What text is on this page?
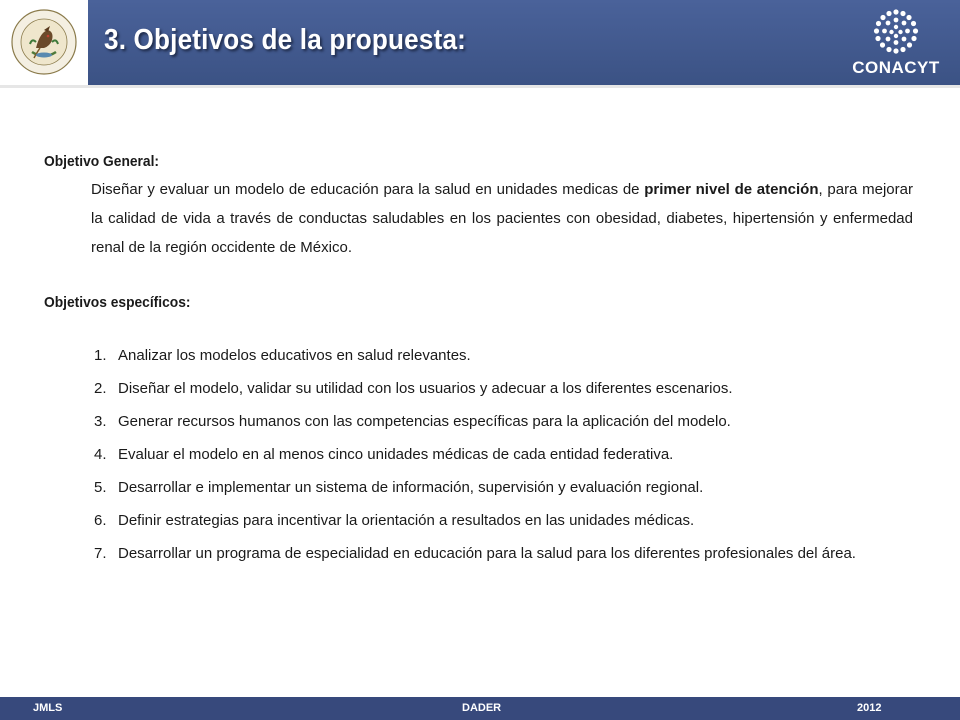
3. Objetivos de la propuesta:
CONACYT
Objetivo General:

Diseñar y evaluar un modelo de educación para la salud en unidades medicas de primer nivel de atención, para mejorar la calidad de vida a través de conductas saludables en los pacientes con obesidad, diabetes, hipertensión y enfermedad renal de la región occidente de México.

Objetivos específicos:
1. Analizar los modelos educativos en salud relevantes.
2. Diseñar el modelo, validar su utilidad con los usuarios y adecuar a los diferentes escenarios.
3. Generar recursos humanos con las competencias específicas para la aplicación del modelo.
4. Evaluar el modelo en al menos cinco unidades médicas de cada entidad federativa.
5. Desarrollar e implementar un sistema de información, supervisión y evaluación regional.
6. Definir estrategias para incentivar la orientación a resultados en las unidades médicas.
7. Desarrollar un programa de especialidad en educación para la salud para los diferentes profesionales del área.
JMLS	DADER	2012
